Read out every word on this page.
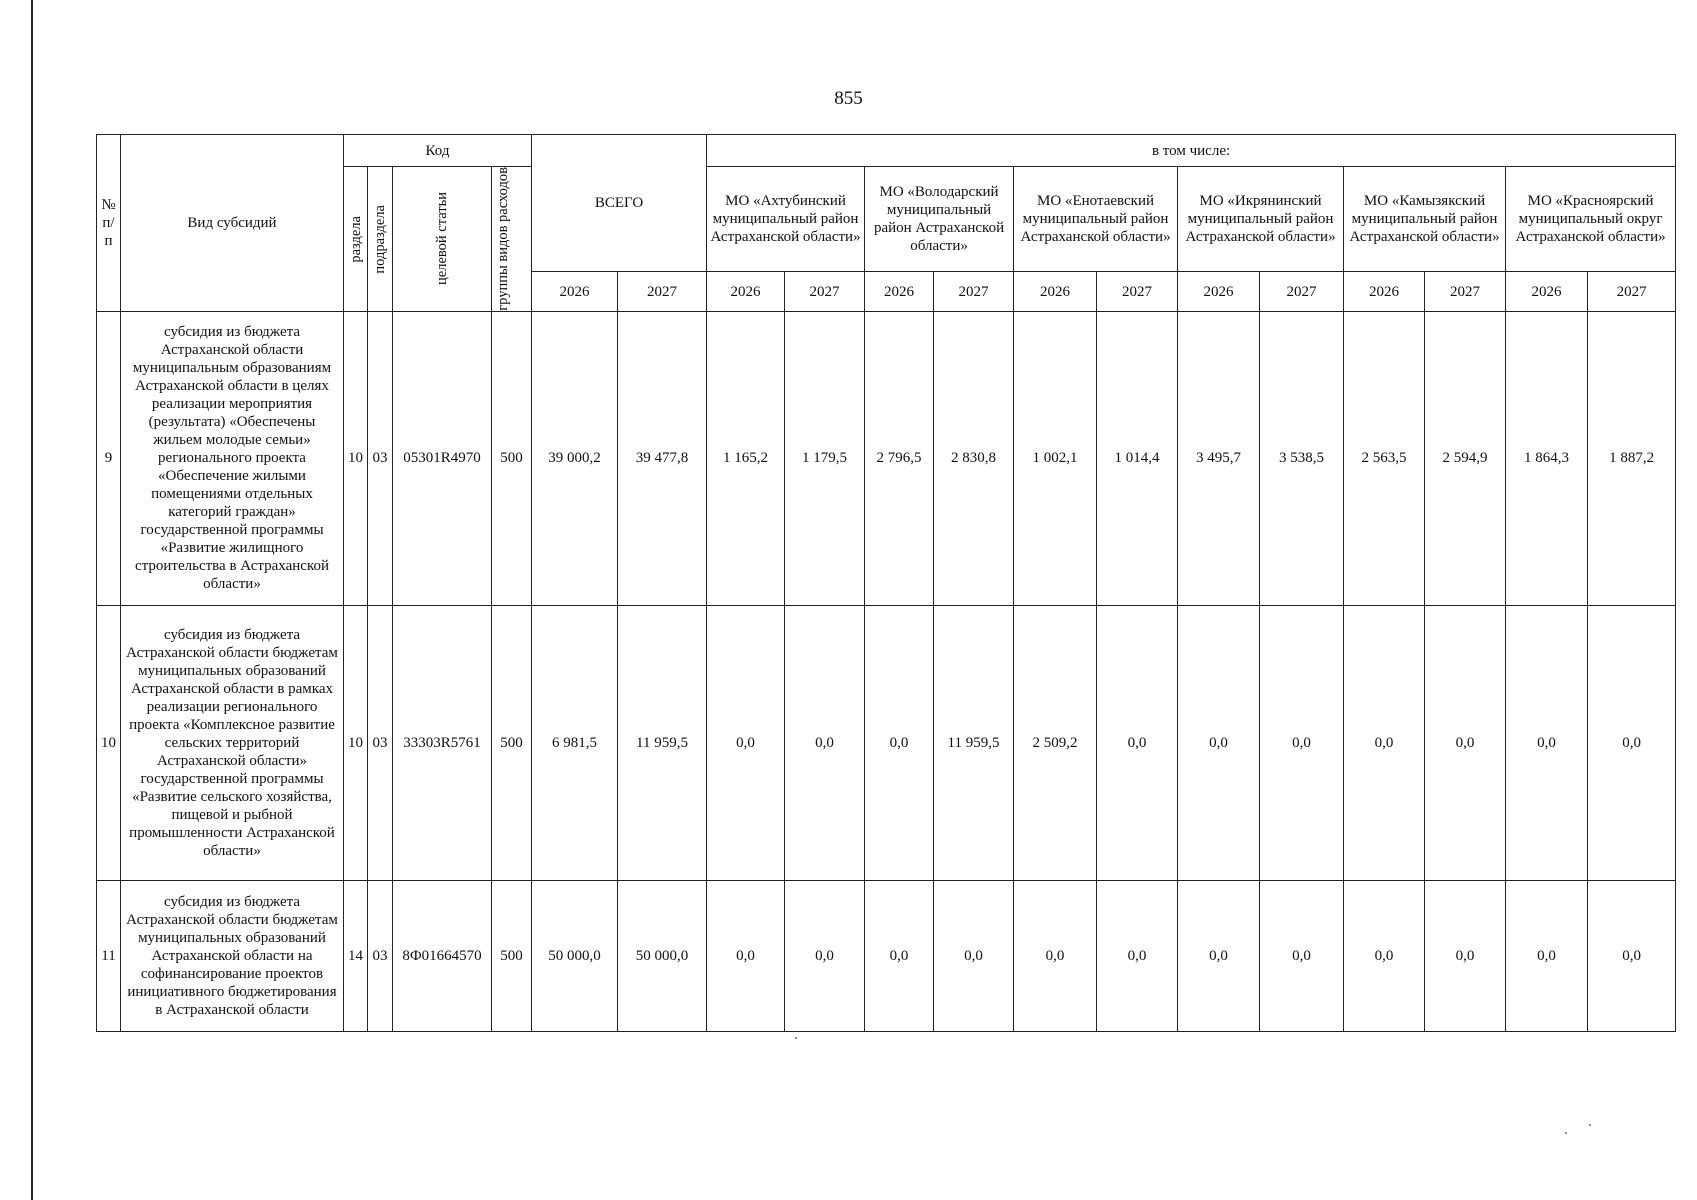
855
№ п/п	Вид субсидий	Код				ВСЕГО		в том числе:											

		раздела	подраздела	целевой статьи	группы видов расходов			МО «Ахтубинский муниципальный район Астраханской области»		МО «Володарский муниципальный район Астраханской области»		МО «Енотаевский муниципальный район Астраханской области»		МО «Икрянинский муниципальный район Астраханской области»		МО «Камызякский муниципальный район Астраханской области»		МО «Красноярский муниципальный округ Астраханской области»	
						2026	2027	2026	2027	2026	2027	2026	2027	2026	2027	2026	2027	2026	2027
9	субсидия из бюджета Астраханской области муниципальным образованиям Астраханской области в целях реализации мероприятия (результата) «Обеспечены жильем молодые семьи» регионального проекта «Обеспечение жилыми помещениями отдельных категорий граждан» государственной программы «Развитие жилищного строительства в Астраханской области»	10	03	05301R4970	500	39 000,2	39 477,8	1 165,2	1 179,5	2 796,5	2 830,8	1 002,1	1 014,4	3 495,7	3 538,5	2 563,5	2 594,9	1 864,3	1 887,2
10	субсидия из бюджета Астраханской области бюджетам муниципальных образований Астраханской области в рамках реализации регионального проекта «Комплексное развитие сельских территорий Астраханской области» государственной программы «Развитие сельского хозяйства, пищевой и рыбной промышленности Астраханской области»	10	03	33303R5761	500	6 981,5	11 959,5	0,0	0,0	0,0	11 959,5	2 509,2	0,0	0,0	0,0	0,0	0,0	0,0	0,0
11	субсидия из бюджета Астраханской области бюджетам муниципальных образований Астраханской области на софинансирование проектов инициативного бюджетирования в Астраханской области	14	03	8Ф01664570	500	50 000,0	50 000,0	0,0	0,0	0,0	0,0	0,0	0,0	0,0	0,0	0,0	0,0	0,0	0,0
